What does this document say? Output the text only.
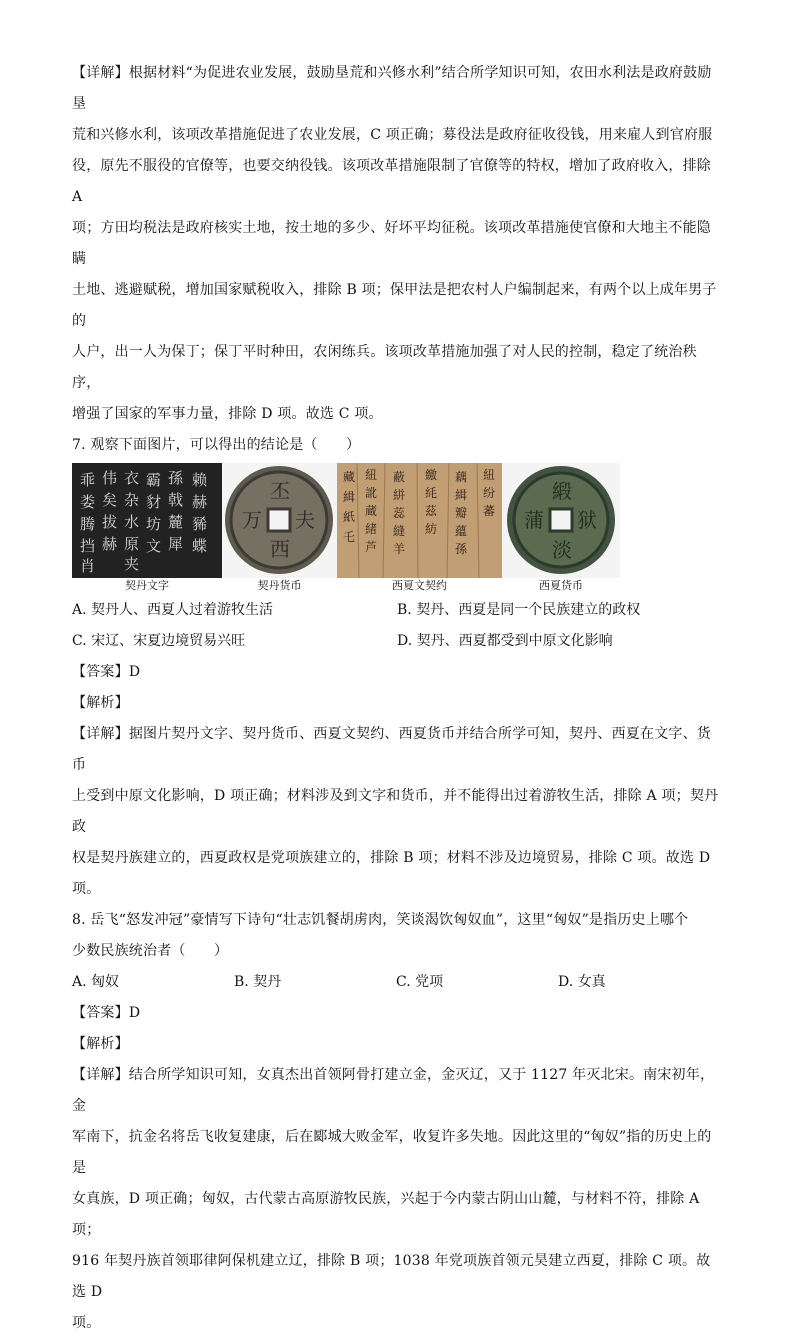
【详解】根据材料“为促进农业发展，鼓励垦荒和兴修水利”结合所学知识可知，农田水利法是政府鼓励垦

荒和兴修水利，该项改革措施促进了农业发展，C 项正确；募役法是政府征收役钱，用来雇人到官府服

役，原先不服役的官僚等，也要交纳役钱。该项改革措施限制了官僚等的特权，增加了政府收入，排除 A

项；方田均税法是政府核实土地，按土地的多少、好坏平均征税。该项改革措施使官僚和大地主不能隐瞒

土地、逃避赋税，增加国家赋税收入，排除 B 项；保甲法是把农村人户编制起来，有两个以上成年男子的

人户，出一人为保丁；保丁平时种田，农闲练兵。该项改革措施加强了对人民的控制，稳定了统治秩序，

增强了国家的军事力量，排除 D 项。故选 C 项。

7. 观察下面图片，可以得出的结论是（　　）

乖
娄
腾
挡
肖
伟
矣
拔
赫
衣
杂
水
原
夹
霸
豺
坊
文
孫
戟
麓
犀
赖
赫
豨
蝶
契丹文字
丕
夫
西
万
契丹货币
藏
緝
紙
乇
紐
訛
蔵
緒
芦
蔽
絣
蕊
縫
羊
繳
䋃
茲
紡
藕
緝
瓣
蘊
孫
紐
纷
蕃
西夏文契约
緞
狱
淡
蒲
西夏货币
A. 契丹人、西夏人过着游牧生活	B. 契丹、西夏是同一个民族建立的政权
C. 宋辽、宋夏边境贸易兴旺	D. 契丹、西夏都受到中原文化影响

【答案】D

【解析】

【详解】据图片契丹文字、契丹货币、西夏文契约、西夏货币并结合所学可知，契丹、西夏在文字、货币

上受到中原文化影响，D 项正确；材料涉及到文字和货币，并不能得出过着游牧生活，排除 A 项；契丹政

权是契丹族建立的，西夏政权是党项族建立的，排除 B 项；材料不涉及边境贸易，排除 C 项。故选 D

项。

8. 岳飞“怒发冲冠”豪情写下诗句“壮志饥餐胡虏肉，笑谈渴饮匈奴血”，这里“匈奴”是指历史上哪个

少数民族统治者（　　）

A. 匈奴	B. 契丹	C. 党项	D. 女真

【答案】D

【解析】

【详解】结合所学知识可知，女真杰出首领阿骨打建立金，金灭辽，又于 1127 年灭北宋。南宋初年，金

军南下，抗金名将岳飞收复建康，后在郾城大败金军，收复许多失地。因此这里的“匈奴”指的历史上的是

女真族，D 项正确；匈奴，古代蒙古高原游牧民族，兴起于今内蒙古阴山山麓，与材料不符，排除 A 项；

916 年契丹族首领耶律阿保机建立辽，排除 B 项；1038 年党项族首领元昊建立西夏，排除 C 项。故选 D

项。
